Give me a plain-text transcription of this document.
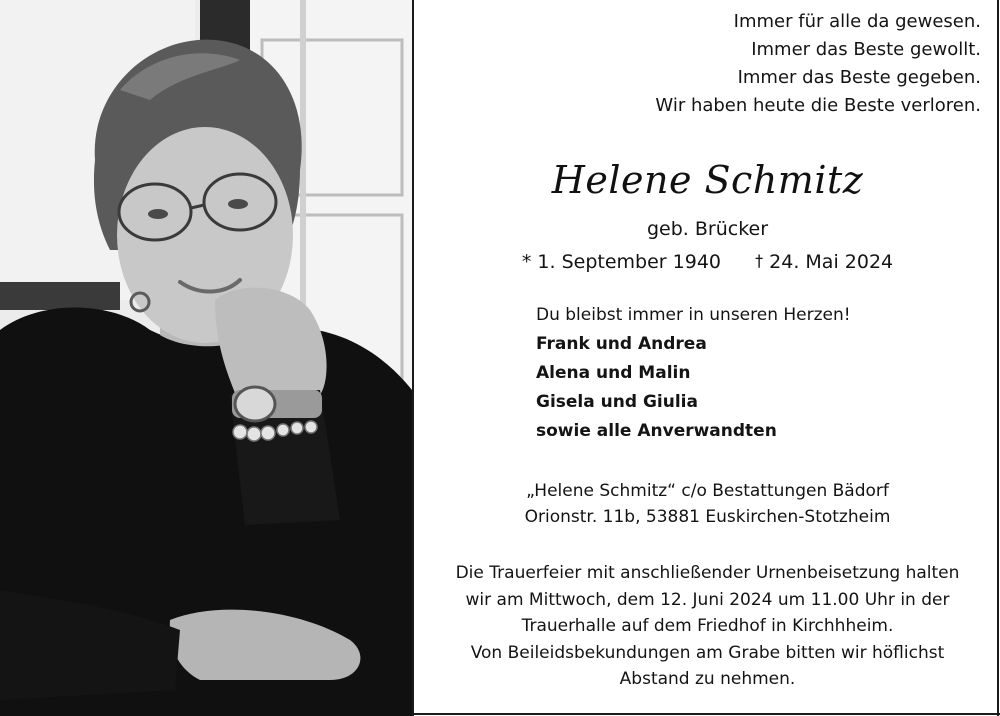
Immer für alle da gewesen.
Immer das Beste gewollt.
Immer das Beste gegeben.
Wir haben heute die Beste verloren.
Helene Schmitz
geb. Brücker
* 1. September 1940 † 24. Mai 2024
Du bleibst immer in unseren Herzen!
Frank und Andrea
Alena und Malin
Gisela und Giulia
sowie alle Anverwandten
„Helene Schmitz“ c/o Bestattungen Bädorf
Orionstr. 11b, 53881 Euskirchen-Stotzheim
Die Trauerfeier mit anschließender Urnenbeisetzung halten
wir am Mittwoch, dem 12. Juni 2024 um 11.00 Uhr in der
Trauerhalle auf dem Friedhof in Kirchhheim.
Von Beileidsbekundungen am Grabe bitten wir höflichst
Abstand zu nehmen.
